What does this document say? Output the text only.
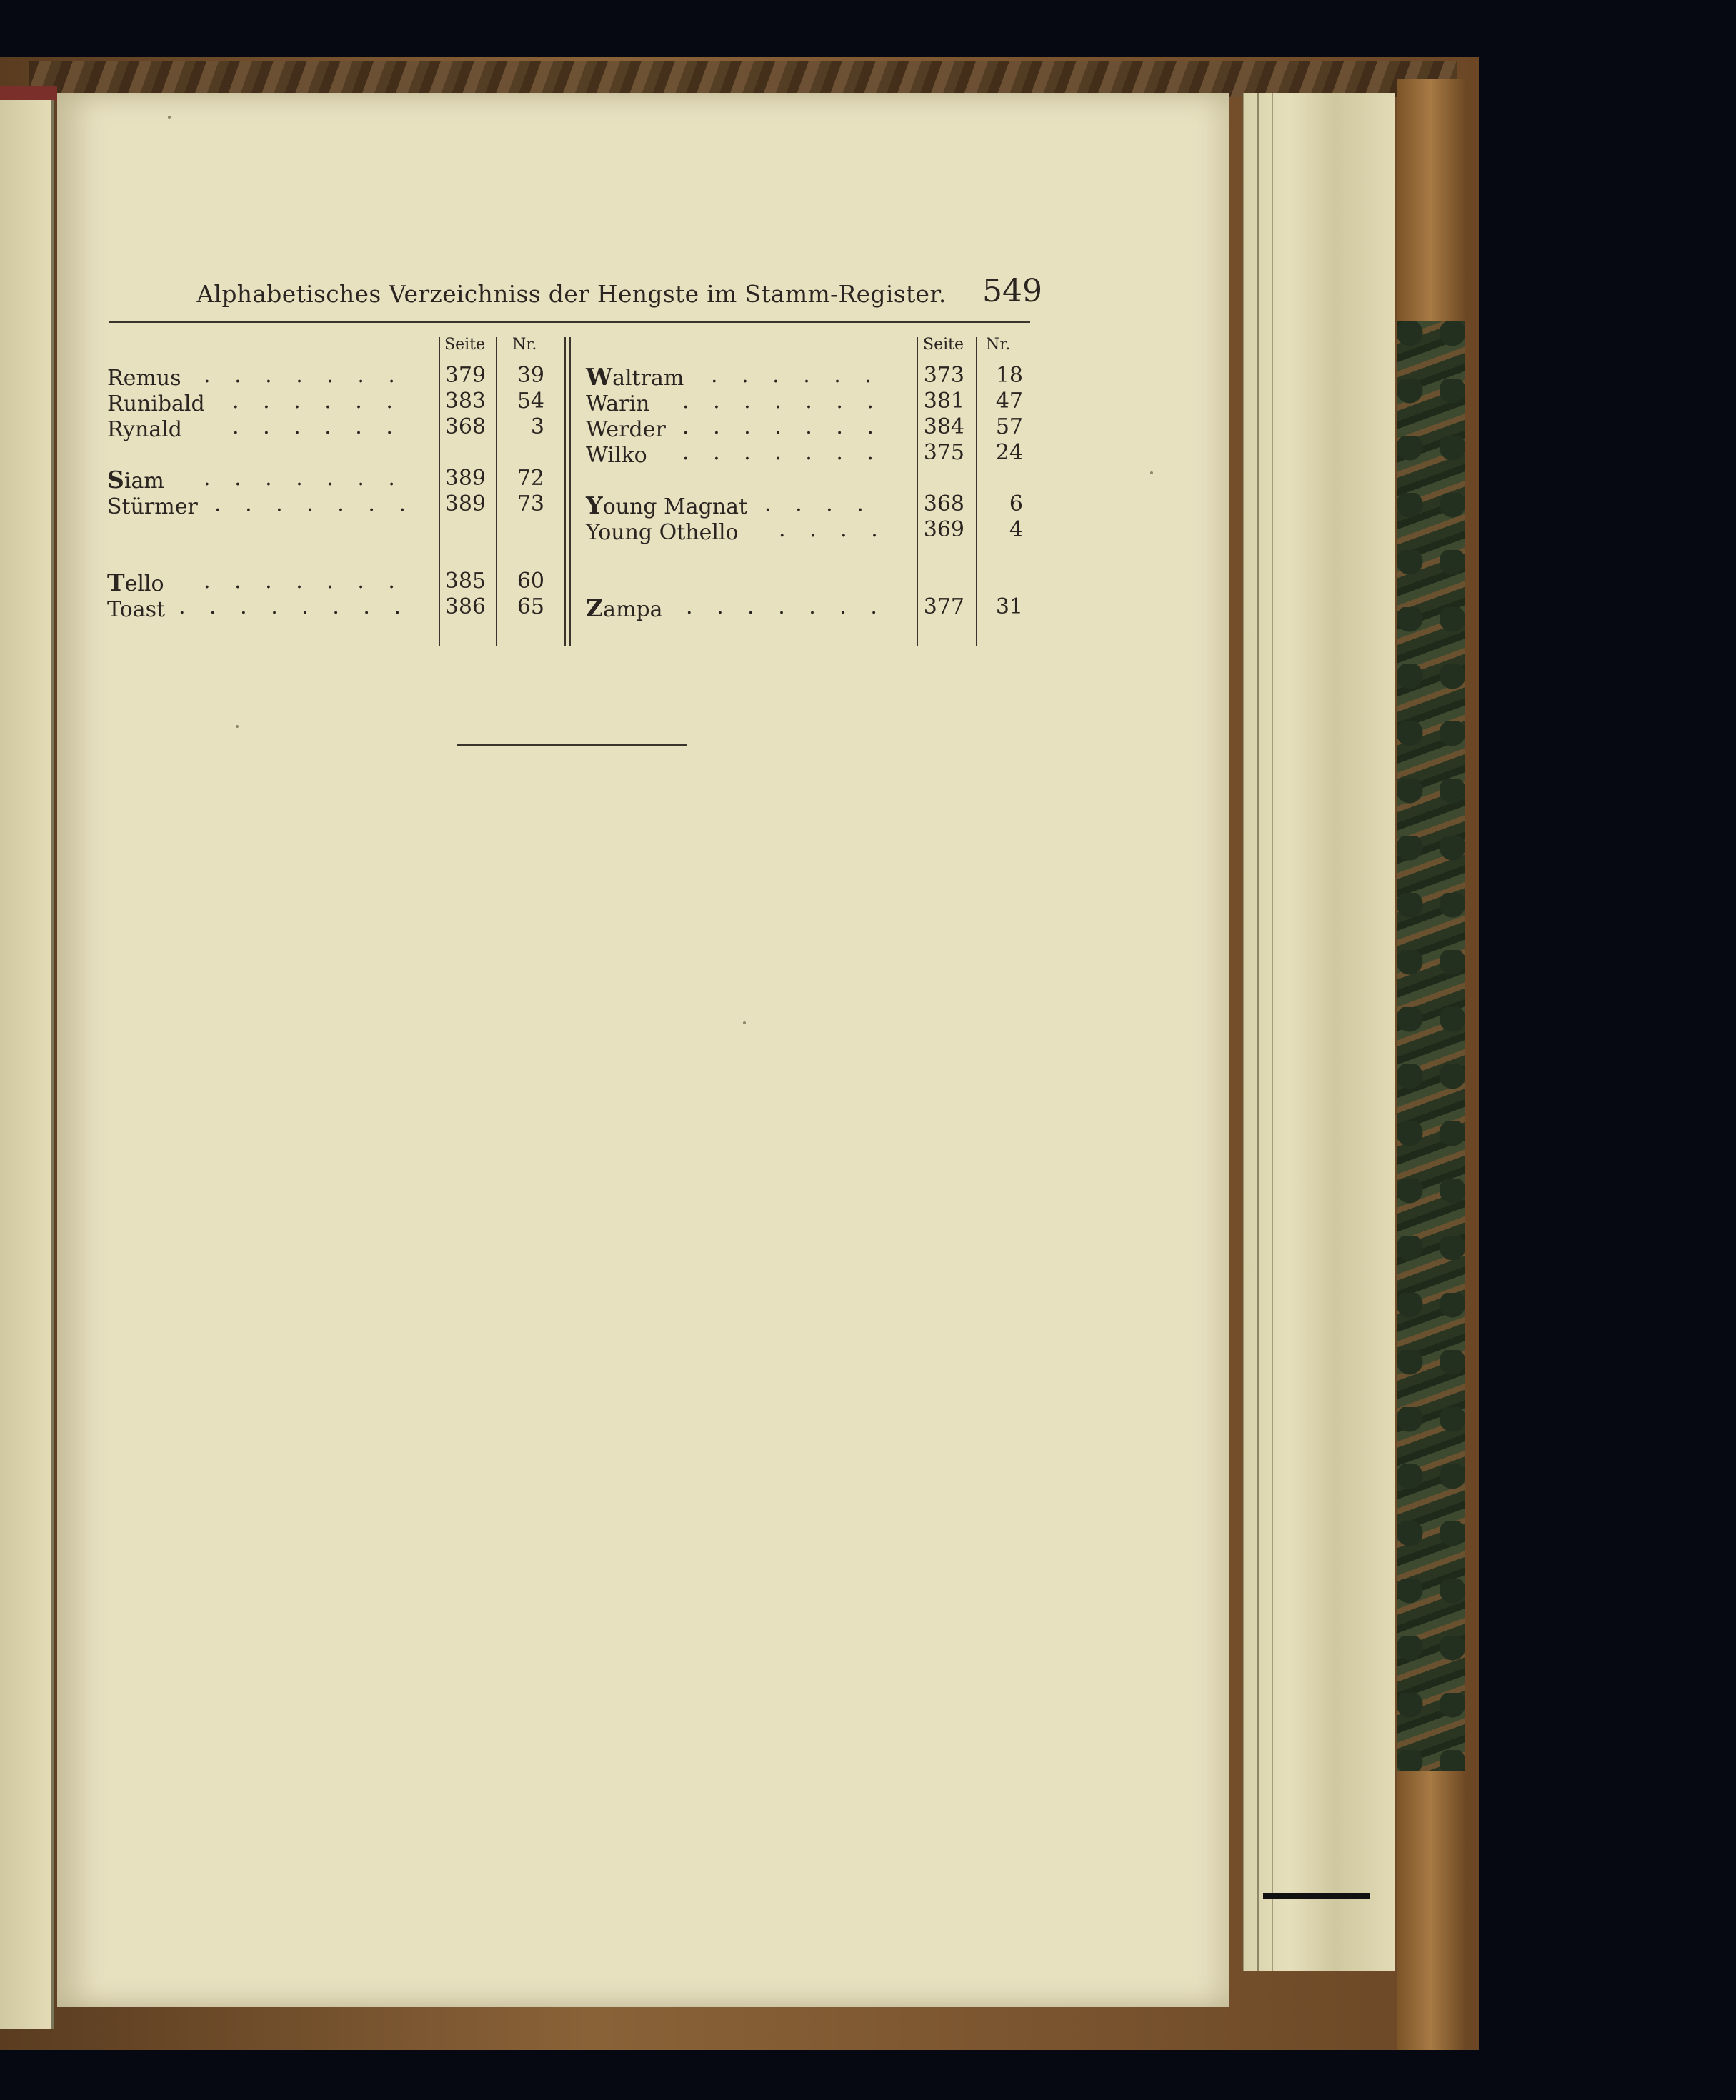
Alphabetisches Verzeichniss der Hengste im Stamm-Register.	549
Seite Nr.
Remus . . . . . . .	379	39
Runibald . . . . . .	383	54
Rynald . . . . . .	368	3
Siam . . . . . . .	389	72
Stürmer . . . . . . .	389	73
Tello . . . . . . .	385	60
Toast . . . . . . . .	386	65
Seite Nr.
Waltram . . . . . .	373	18
Warin . . . . . . .	381	47
Werder . . . . . . .	384	57
Wilko . . . . . . .	375	24
Young Magnat . . . .	368	6
Young Othello . . . .	369	4
Zampa . . . . . . .	377	31
